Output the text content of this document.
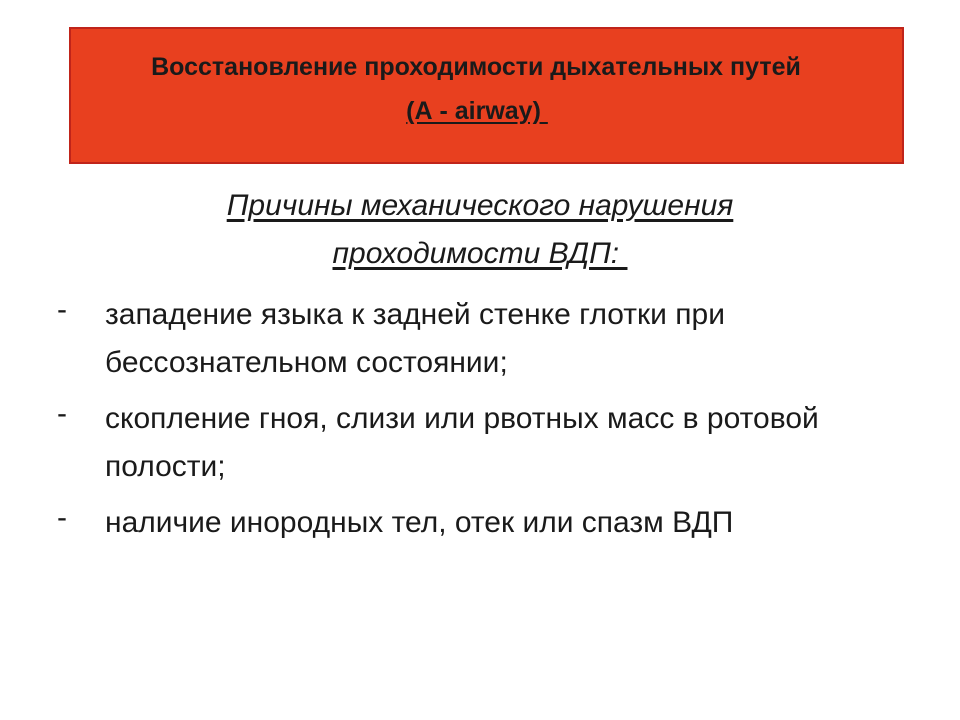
Восстановление проходимости дыхательных путей
(А - airway)
Причины механического нарушения
проходимости ВДП:
- западение языка к задней стенке глотки при бессознательном состоянии;
- скопление гноя, слизи или рвотных масс в ротовой полости;
- наличие инородных тел, отек или спазм ВДП
